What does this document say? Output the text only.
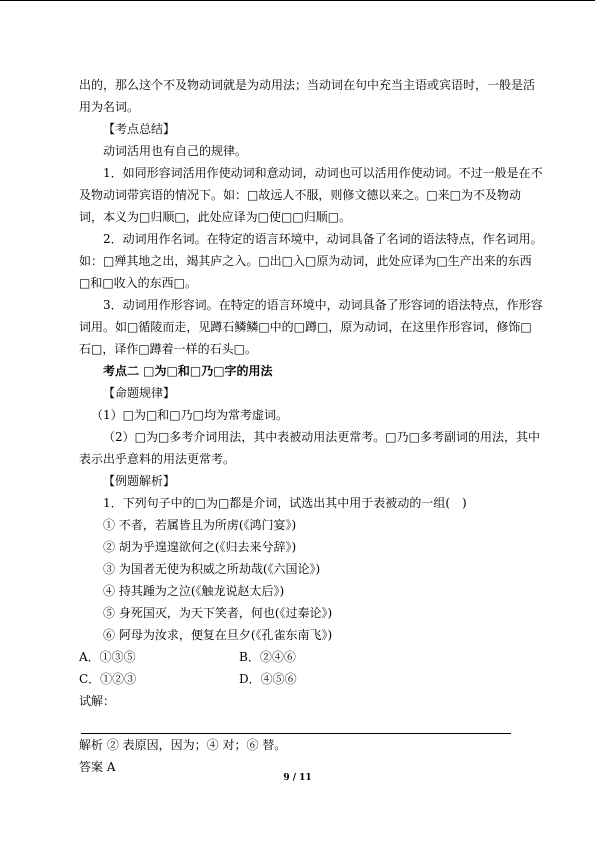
出的，那么这个不及物动词就是为动用法；当动词在句中充当主语或宾语时，一般是活用为名词。

【考点总结】

动词活用也有自己的规律。

1．如同形容词活用作使动词和意动词，动词也可以活用作使动词。不过一般是在不及物动词带宾语的情况下。如：□故远人不服，则修文德以来之。□来□为不及物动词，本义为□归顺□，此处应译为□使□□归顺□。

2．动词用作名词。在特定的语言环境中，动词具备了名词的语法特点，作名词用。如：□殚其地之出，竭其庐之入。□出□入□原为动词，此处应译为□生产出来的东西□和□收入的东西□。

3．动词用作形容词。在特定的语言环境中，动词具备了形容词的语法特点，作形容词用。如□循陵而走，见蹲石鳞鳞□中的□蹲□，原为动词，在这里作形容词，修饰□石□，译作□蹲着一样的石头□。

考点二 □为□和□乃□字的用法

【命题规律】

（1）□为□和□乃□均为常考虚词。

（2）□为□多考介词用法，其中表被动用法更常考。□乃□多考副词的用法，其中表示出乎意料的用法更常考。

【例题解析】

1．下列句子中的□为□都是介词，试选出其中用于表被动的一组(　)

① 不者，若属皆且为所虏(《鸿门宴》)

② 胡为乎遑遑欲何之(《归去来兮辞》)

③ 为国者无使为积威之所劫哉(《六国论》)

④ 持其踵为之泣(《触龙说赵太后》)

⑤ 身死国灭，为天下笑者，何也(《过秦论》)

⑥ 阿母为汝求，便复在旦夕(《孔雀东南飞》)

A．①③⑤	B．②④⑥
C．①②③	D．④⑤⑥

试解：

解析 ② 表原因，因为；④ 对；⑥ 替。

答案 A

9 / 11
